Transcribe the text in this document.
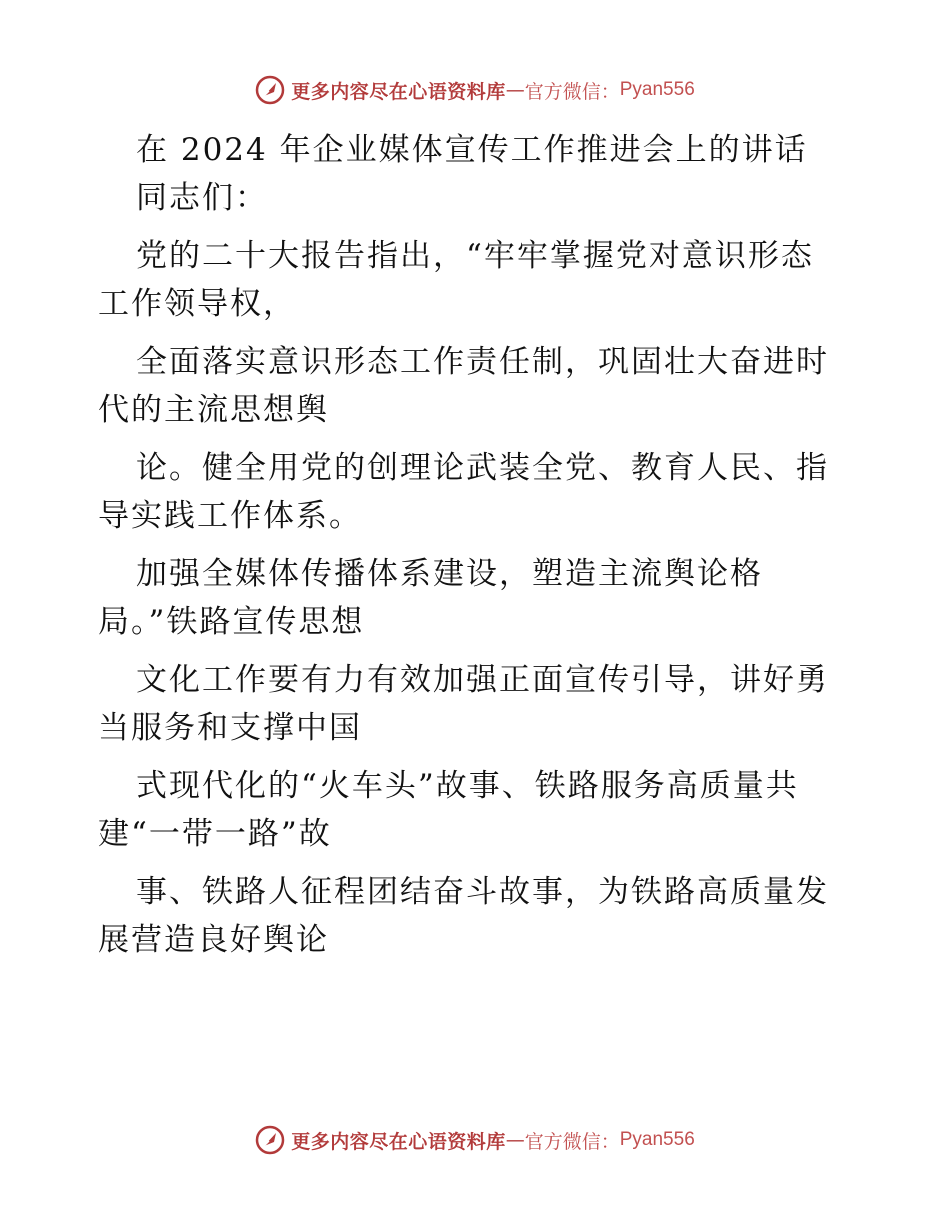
更多内容尽在心语资料库 — 官方微信： Pyan556
在 2024 年企业媒体宣传工作推进会上的讲话
同志们：
党的二十大报告指出，“牢牢掌握党对意识形态
工作领导权，
全面落实意识形态工作责任制，巩固壮大奋进时
代的主流思想舆
论。健全用党的创理论武装全党、教育人民、指
导实践工作体系。
加强全媒体传播体系建设，塑造主流舆论格
局。”铁路宣传思想
文化工作要有力有效加强正面宣传引导，讲好勇
当服务和支撑中国
式现代化的“火车头”故事、铁路服务高质量共
建“一带一路”故
事、铁路人征程团结奋斗故事，为铁路高质量发
展营造良好舆论
更多内容尽在心语资料库 — 官方微信： Pyan556
